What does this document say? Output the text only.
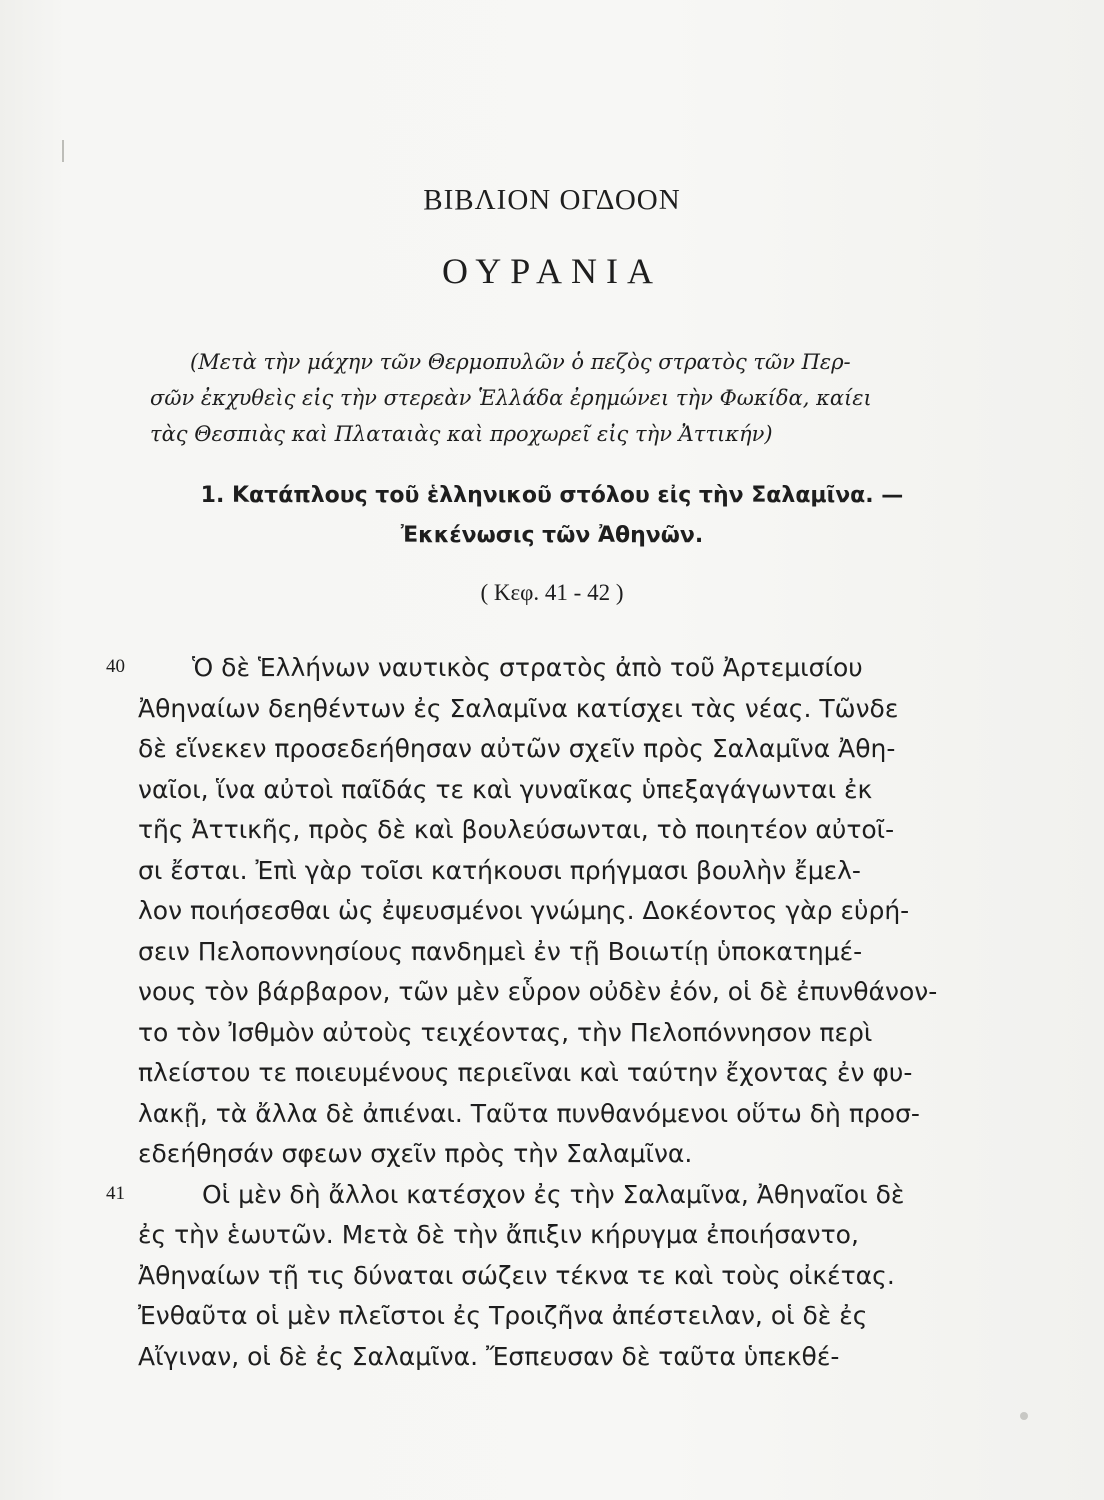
ΒΙΒΛΙΟΝ ΟΓΔΟΟΝ
ΟΥΡΑΝΙΑ
(Μετὰ τὴν μάχην τῶν Θερμοπυλῶν ὁ πεζὸς στρατὸς τῶν Περ-
σῶν ἐκχυθεὶς εἰς τὴν στερεὰν Ἑλλάδα ἐρημώνει τὴν Φωκίδα, καίει
τὰς Θεσπιὰς καὶ Πλαταιὰς καὶ προχωρεῖ εἰς τὴν Ἀττικήν)
1. Κατάπλους τοῦ ἑλληνικοῦ στόλου εἰς τὴν Σαλαμῖνα. —
Ἐκκένωσις τῶν Ἀθηνῶν.
( Κεφ. 41 - 42 )
40
41
Ὁ δὲ Ἑλλήνων ναυτικὸς στρατὸς ἀπὸ τοῦ Ἀρτεμισίου
Ἀθηναίων δεηθέντων ἐς Σαλαμῖνα κατίσχει τὰς νέας. Τῶνδε
δὲ εἵνεκεν προσεδεήθησαν αὐτῶν σχεῖν πρὸς Σαλαμῖνα Ἀθη-
ναῖοι, ἵνα αὐτοὶ παῖδάς τε καὶ γυναῖκας ὑπεξαγάγωνται ἐκ
τῆς Ἀττικῆς, πρὸς δὲ καὶ βουλεύσωνται, τὸ ποιητέον αὐτοῖ-
σι ἔσται. Ἐπὶ γὰρ τοῖσι κατήκουσι πρήγμασι βουλὴν ἔμελ-
λον ποιήσεσθαι ὡς ἐψευσμένοι γνώμης. Δοκέοντος γὰρ εὑρή-
σειν Πελοποννησίους πανδημεὶ ἐν τῇ Βοιωτίῃ ὑποκατημέ-
νους τὸν βάρβαρον, τῶν μὲν εὗρον οὐδὲν ἐόν, οἱ δὲ ἐπυνθάνον-
το τὸν Ἰσθμὸν αὐτοὺς τειχέοντας, τὴν Πελοπόννησον περὶ
πλείστου τε ποιευμένους περιεῖναι καὶ ταύτην ἔχοντας ἐν φυ-
λακῇ, τὰ ἄλλα δὲ ἀπιέναι. Ταῦτα πυνθανόμενοι οὕτω δὴ προσ-
εδεήθησάν σφεων σχεῖν πρὸς τὴν Σαλαμῖνα.
Οἱ μὲν δὴ ἄλλοι κατέσχον ἐς τὴν Σαλαμῖνα, Ἀθηναῖοι δὲ
ἐς τὴν ἑωυτῶν. Μετὰ δὲ τὴν ἄπιξιν κήρυγμα ἐποιήσαντο,
Ἀθηναίων τῇ τις δύναται σώζειν τέκνα τε καὶ τοὺς οἰκέτας.
Ἐνθαῦτα οἱ μὲν πλεῖστοι ἐς Τροιζῆνα ἀπέστειλαν, οἱ δὲ ἐς
Αἴγιναν, οἱ δὲ ἐς Σαλαμῖνα. Ἔσπευσαν δὲ ταῦτα ὑπεκθέ-
